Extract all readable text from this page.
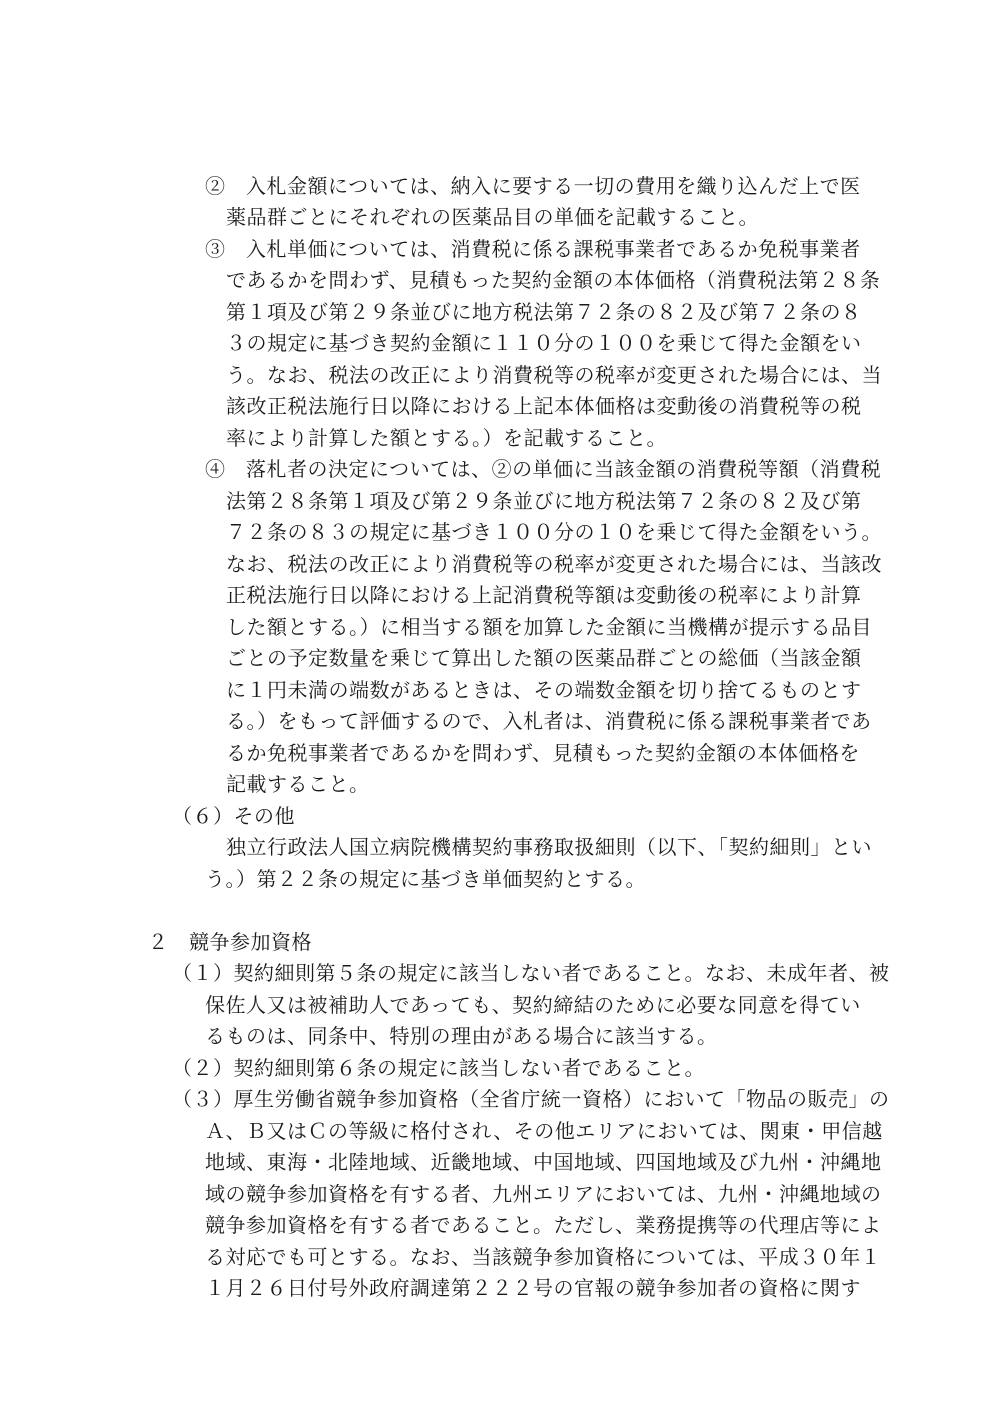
②　入札金額については、納入に要する一切の費用を織り込んだ上で医
薬品群ごとにそれぞれの医薬品目の単価を記載すること。
③　入札単価については、消費税に係る課税事業者であるか免税事業者
であるかを問わず、見積もった契約金額の本体価格（消費税法第２８条
第１項及び第２９条並びに地方税法第７２条の８２及び第７２条の８
３の規定に基づき契約金額に１１０分の１００を乗じて得た金額をい
う。なお、税法の改正により消費税等の税率が変更された場合には、当
該改正税法施行日以降における上記本体価格は変動後の消費税等の税
率により計算した額とする。）を記載すること。
④　落札者の決定については、②の単価に当該金額の消費税等額（消費税
法第２８条第１項及び第２９条並びに地方税法第７２条の８２及び第
７２条の８３の規定に基づき１００分の１０を乗じて得た金額をいう。
なお、税法の改正により消費税等の税率が変更された場合には、当該改
正税法施行日以降における上記消費税等額は変動後の税率により計算
した額とする。）に相当する額を加算した金額に当機構が提示する品目
ごとの予定数量を乗じて算出した額の医薬品群ごとの総価（当該金額
に１円未満の端数があるときは、その端数金額を切り捨てるものとす
る。）をもって評価するので、入札者は、消費税に係る課税事業者であ
るか免税事業者であるかを問わず、見積もった契約金額の本体価格を
記載すること。
（６）その他
独立行政法人国立病院機構契約事務取扱細則（以下、「契約細則」とい
う。）第２２条の規定に基づき単価契約とする。
２　競争参加資格
（１）契約細則第５条の規定に該当しない者であること。なお、未成年者、被
保佐人又は被補助人であっても、契約締結のために必要な同意を得てい
るものは、同条中、特別の理由がある場合に該当する。
（２）契約細則第６条の規定に該当しない者であること。
（３）厚生労働省競争参加資格（全省庁統一資格）において「物品の販売」の
Ａ、Ｂ又はＣの等級に格付され、その他エリアにおいては、関東・甲信越
地域、東海・北陸地域、近畿地域、中国地域、四国地域及び九州・沖縄地
域の競争参加資格を有する者、九州エリアにおいては、九州・沖縄地域の
競争参加資格を有する者であること。ただし、業務提携等の代理店等によ
る対応でも可とする。なお、当該競争参加資格については、平成３０年１
１月２６日付号外政府調達第２２２号の官報の競争参加者の資格に関す
